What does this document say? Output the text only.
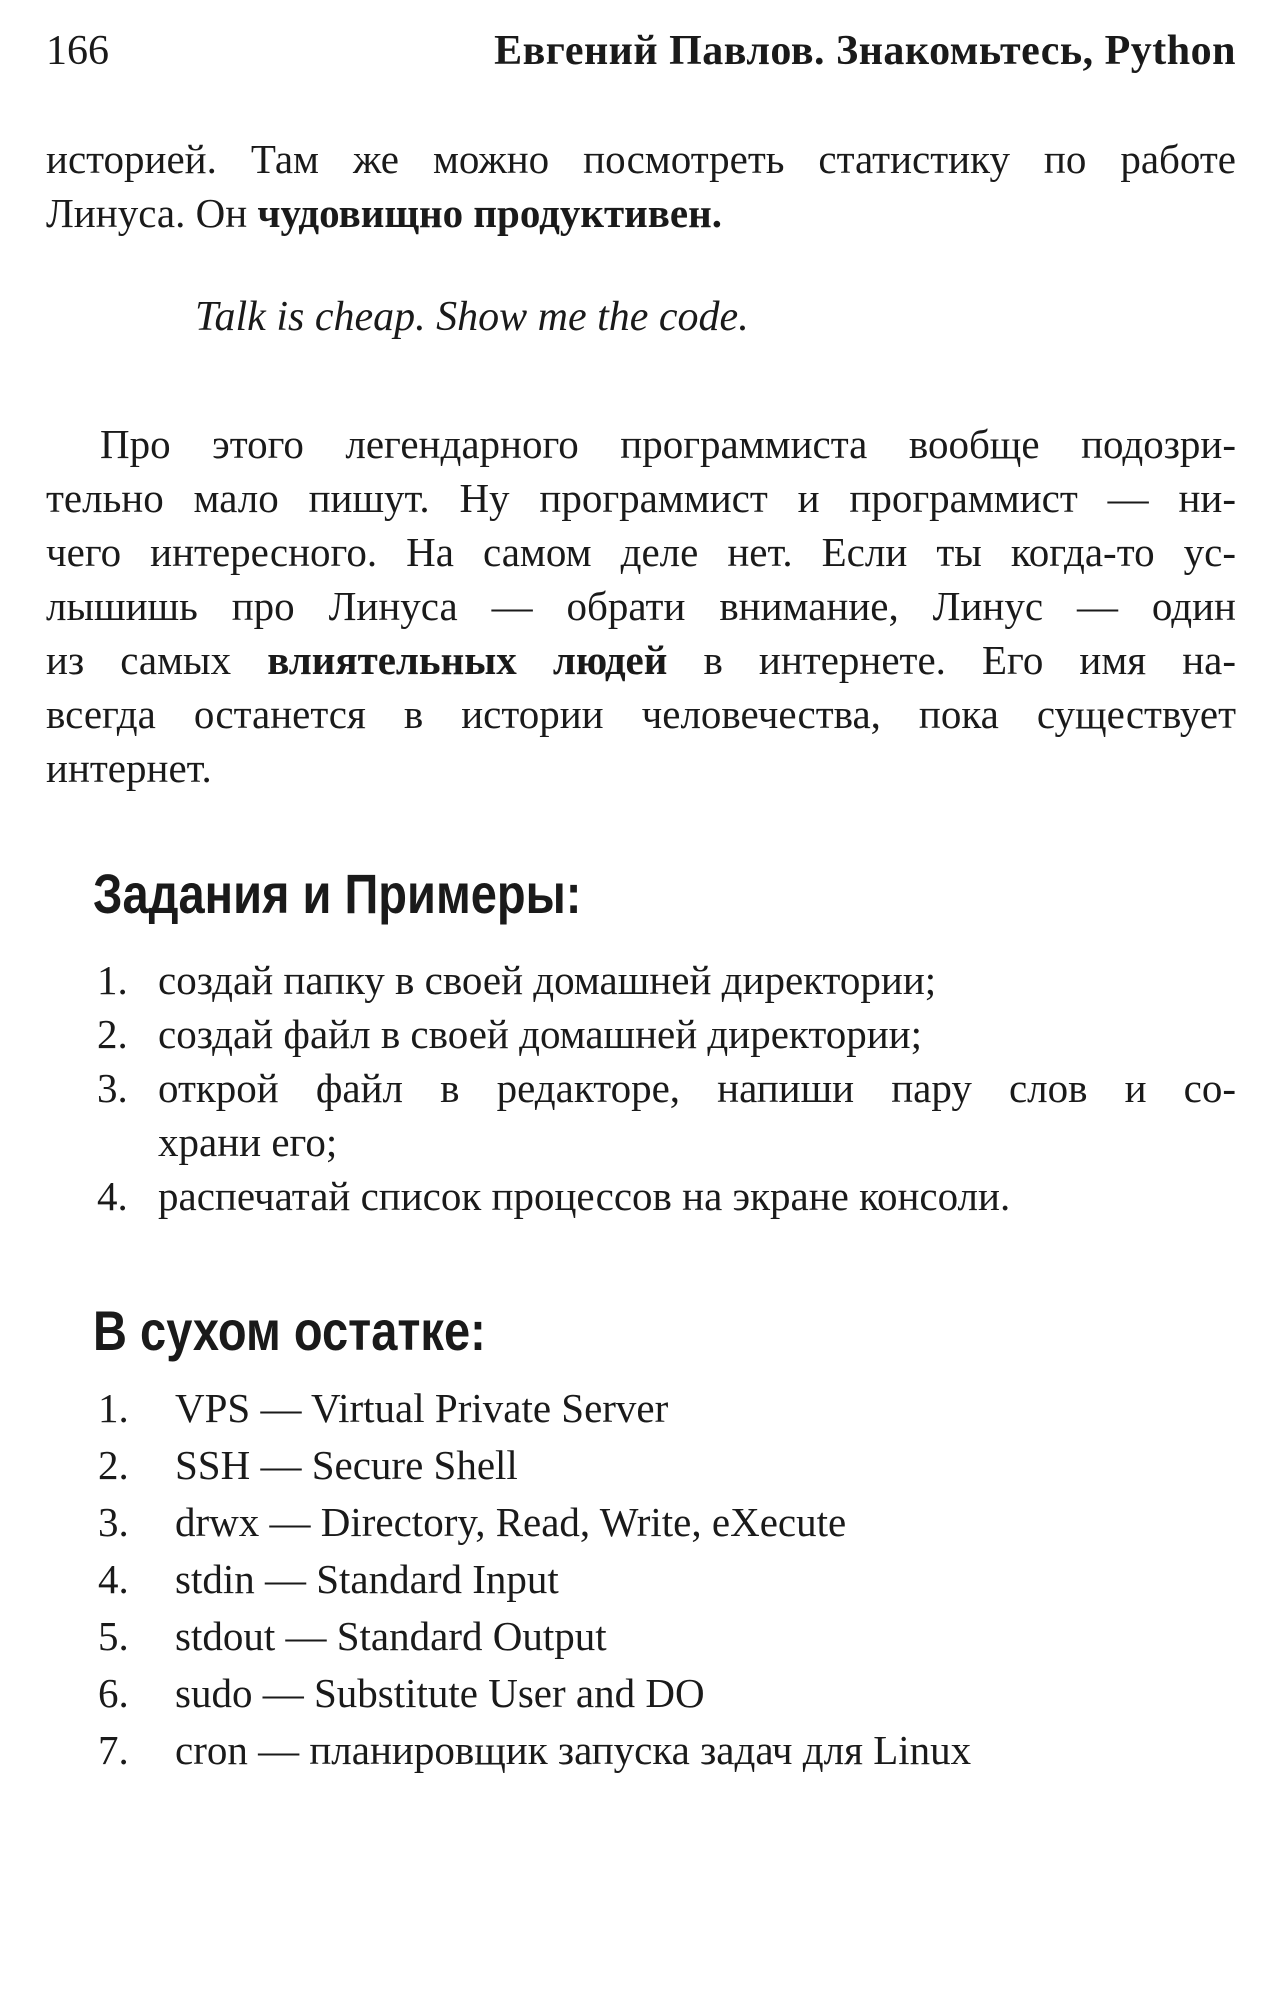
166	Евгений Павлов. Знакомьтесь, Python
историей. Там же можно посмотреть статистику по работе
Линуса. Он чудовищно продуктивен.
Talk is cheap. Show me the code.
Про этого легендарного программиста вообще подозри-
тельно мало пишут. Ну программист и программист — ни-
чего интересного. На самом деле нет. Если ты когда-то ус-
лышишь про Линуса — обрати внимание, Линус — один
из самых влиятельных людей в интернете. Его имя на-
всегда останется в истории человечества, пока существует
интернет.
Задания и Примеры:
1. создай папку в своей домашней директории;
2. создай файл в своей домашней директории;
3. открой файл в редакторе, напиши пару слов и со-
храни его;
4. распечатай список процессов на экране консоли.
В сухом остатке:
1.	VPS — Virtual Private Server
2.	SSH — Secure Shell
3.	drwx — Directory, Read, Write, eXecute
4.	stdin — Standard Input
5.	stdout — Standard Output
6.	sudo — Substitute User and DO
7.	cron — планировщик запуска задач для Linux
